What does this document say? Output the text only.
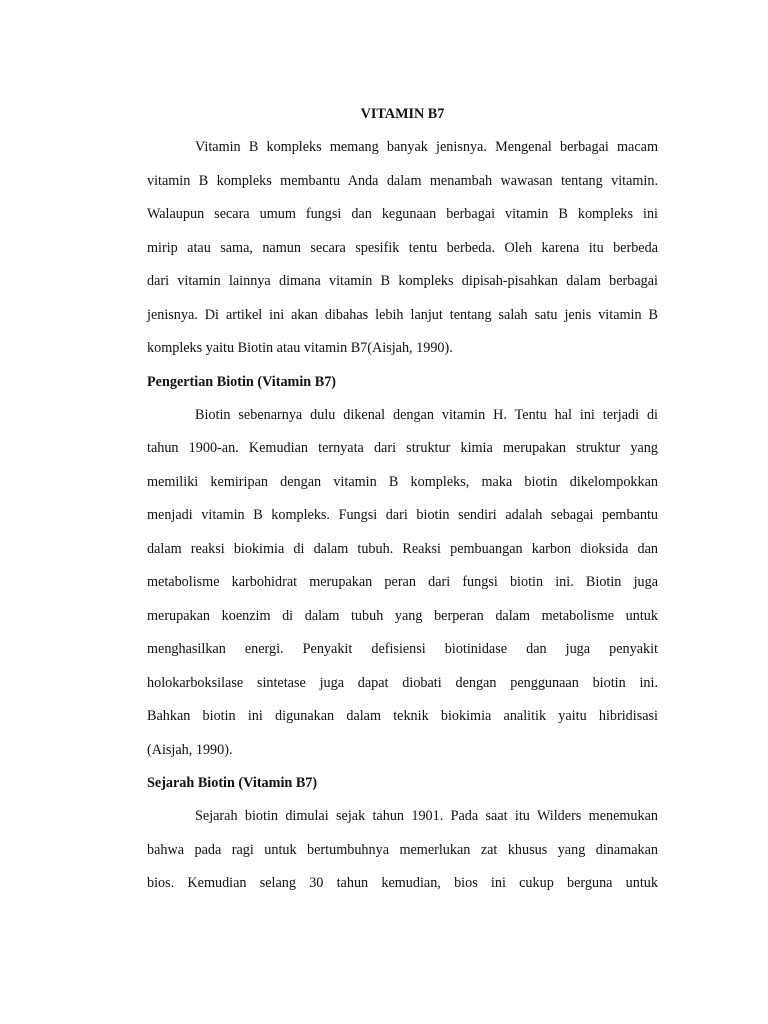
VITAMIN B7
Vitamin B kompleks memang banyak jenisnya. Mengenal berbagai macam
vitamin B kompleks membantu Anda dalam menambah wawasan tentang vitamin.
Walaupun secara umum fungsi dan kegunaan berbagai vitamin B kompleks ini
mirip atau sama, namun secara spesifik tentu berbeda. Oleh karena itu berbeda
dari vitamin lainnya dimana vitamin B kompleks dipisah-pisahkan dalam berbagai
jenisnya. Di artikel ini akan dibahas lebih lanjut tentang salah satu jenis vitamin B
kompleks yaitu Biotin atau vitamin B7(Aisjah, 1990).
Pengertian Biotin (Vitamin B7)
Biotin sebenarnya dulu dikenal dengan vitamin H. Tentu hal ini terjadi di
tahun 1900-an. Kemudian ternyata dari struktur kimia merupakan struktur yang
memiliki kemiripan dengan vitamin B kompleks, maka biotin dikelompokkan
menjadi vitamin B kompleks. Fungsi dari biotin sendiri adalah sebagai pembantu
dalam reaksi biokimia di dalam tubuh. Reaksi pembuangan karbon dioksida dan
metabolisme karbohidrat merupakan peran dari fungsi biotin ini. Biotin juga
merupakan koenzim di dalam tubuh yang berperan dalam metabolisme untuk
menghasilkan energi. Penyakit defisiensi biotinidase dan juga penyakit
holokarboksilase sintetase juga dapat diobati dengan penggunaan biotin ini.
Bahkan biotin ini digunakan dalam teknik biokimia analitik yaitu hibridisasi
(Aisjah, 1990).
Sejarah Biotin (Vitamin B7)
Sejarah biotin dimulai sejak tahun 1901. Pada saat itu Wilders menemukan
bahwa pada ragi untuk bertumbuhnya memerlukan zat khusus yang dinamakan
bios. Kemudian selang 30 tahun kemudian, bios ini cukup berguna untuk
